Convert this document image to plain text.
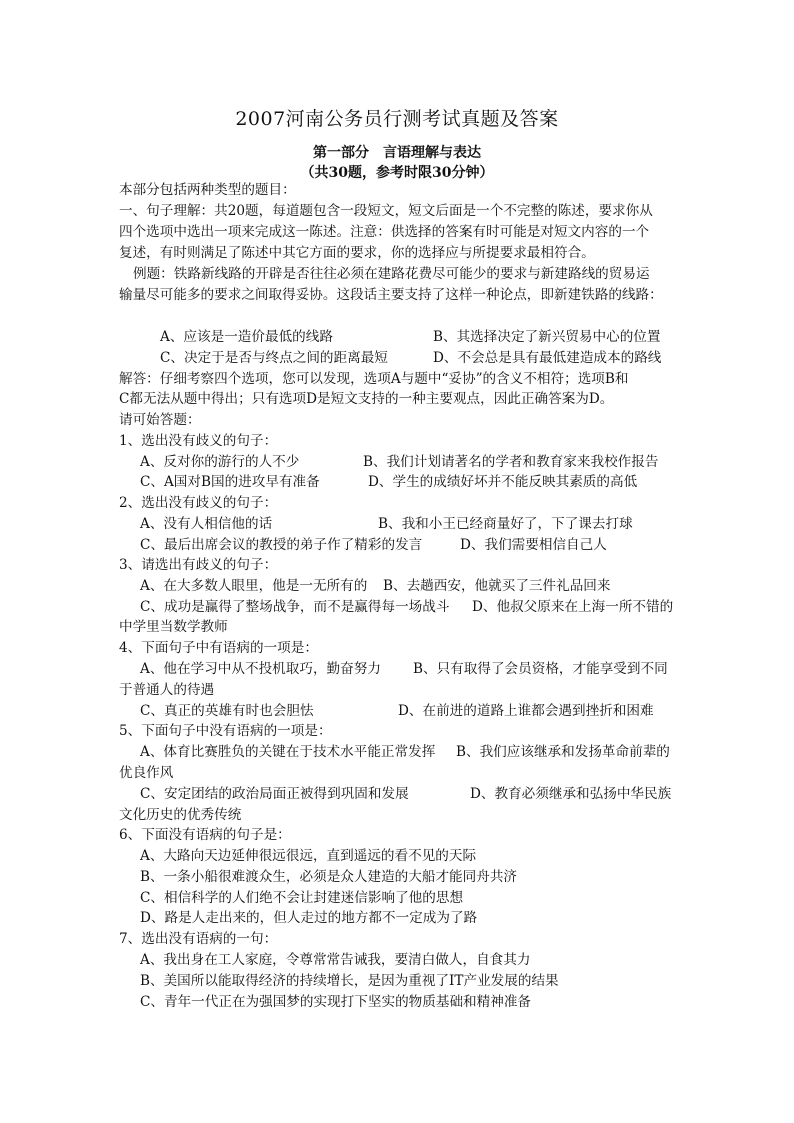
2007河南公务员行测考试真题及答案
第一部分　言语理解与表达
（共30题，参考时限30分钟）
本部分包括两种类型的题目：
一、句子理解：共20题，每道题包含一段短文，短文后面是一个不完整的陈述，要求你从
四个选项中选出一项来完成这一陈述。注意：供选择的答案有时可能是对短文内容的一个
复述，有时则满足了陈述中其它方面的要求，你的选择应与所提要求最相符合。
例题：铁路新线路的开辟是否往往必须在建路花费尽可能少的要求与新建路线的贸易运
输量尽可能多的要求之间取得妥协。这段话主要支持了这样一种论点，即新建铁路的线路：
A、应该是一造价最低的线路	B、其选择决定了新兴贸易中心的位置
C、决定于是否与终点之间的距离最短	D、不会总是具有最低建造成本的路线
解答：仔细考察四个选项，您可以发现，选项A与题中“妥协”的含义不相符；选项B和
C都无法从题中得出；只有选项D是短文支持的一种主要观点，因此正确答案为D。
请可始答题：
1、选出没有歧义的句子：
A、反对你的游行的人不少	B、我们计划请著名的学者和教育家来我校作报告
C、A国对B国的进攻早有准备	D、学生的成绩好坏并不能反映其素质的高低
2、选出没有歧义的句子：
A、没有人相信他的话	B、我和小王已经商量好了，下了课去打球
C、最后出席会议的教授的弟子作了精彩的发言	D、我们需要相信自己人
3、请选出有歧义的句子：
A、在大多数人眼里，他是一无所有的 B、去趟西安，他就买了三件礼品回来
C、成功是赢得了整场战争，而不是赢得每一场战斗 D、他叔父原来在上海一所不错的
中学里当数学教师
4、下面句子中有语病的一项是：
A、他在学习中从不投机取巧，勤奋努力 B、只有取得了会员资格，才能享受到不同
于普通人的待遇
C、真正的英雄有时也会胆怯	D、在前进的道路上谁都会遇到挫折和困难
5、下面句子中没有语病的一项是：
A、体育比赛胜负的关键在于技术水平能正常发挥 B、我们应该继承和发扬革命前辈的
优良作风
C、安定团结的政治局面正被得到巩固和发展	D、教育必须继承和弘扬中华民族
文化历史的优秀传统
6、下面没有语病的句子是：
A、大路向天边延伸很远很远，直到遥远的看不见的天际
B、一条小船很难渡众生，必须是众人建造的大船才能同舟共济
C、相信科学的人们绝不会让封建迷信影响了他的思想
D、路是人走出来的，但人走过的地方都不一定成为了路
7、选出没有语病的一句：
A、我出身在工人家庭，令尊常常告诫我，要清白做人，自食其力
B、美国所以能取得经济的持续增长，是因为重视了IT产业发展的结果
C、青年一代正在为强国梦的实现打下坚实的物质基础和精神准备
